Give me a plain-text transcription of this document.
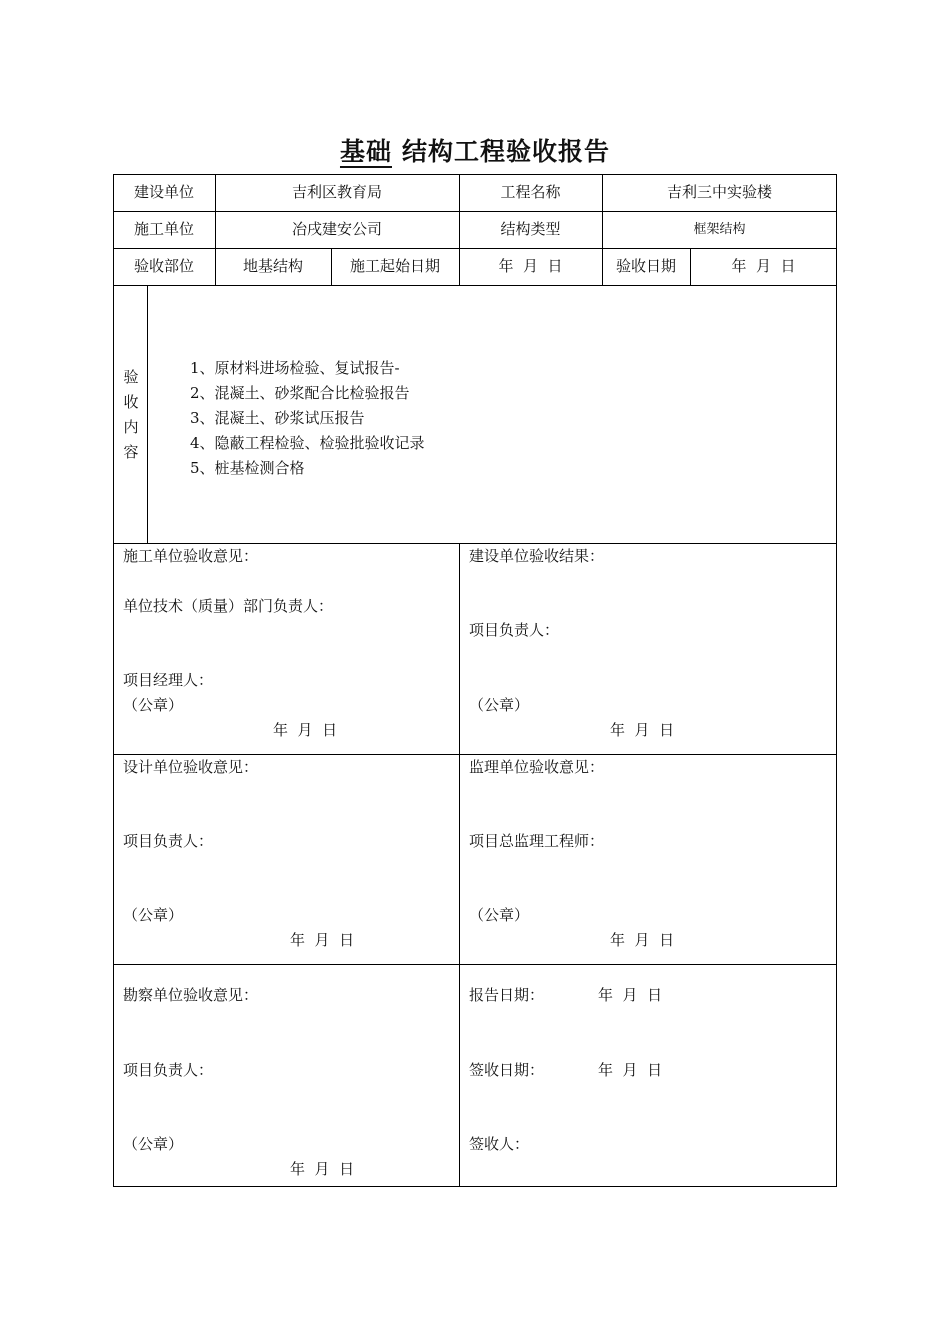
基础 结构工程验收报告
建设单位	吉利区教育局	工程名称	吉利三中实验楼
施工单位	冶戌建安公司	结构类型	框架结构
验收部位	地基结构	施工起始日期	年  月  日	验收日期	年  月  日
验
收
内
容
1、原材料进场检验、复试报告-
2、混凝土、砂浆配合比检验报告
3、混凝土、砂浆试压报告
4、隐蔽工程检验、检验批验收记录
5、桩基检测合格
施工单位验收意见：
单位技术（质量）部门负责人：
项目经理人：
（公章）
年  月  日
建设单位验收结果：
项目负责人：
（公章）
年  月  日
设计单位验收意见：
项目负责人：
（公章）
年  月  日
监理单位验收意见：
项目总监理工程师：
（公章）
年  月  日
勘察单位验收意见：
项目负责人：
（公章）
年  月  日
报告日期：	年  月  日
签收日期：	年  月  日
签收人：
